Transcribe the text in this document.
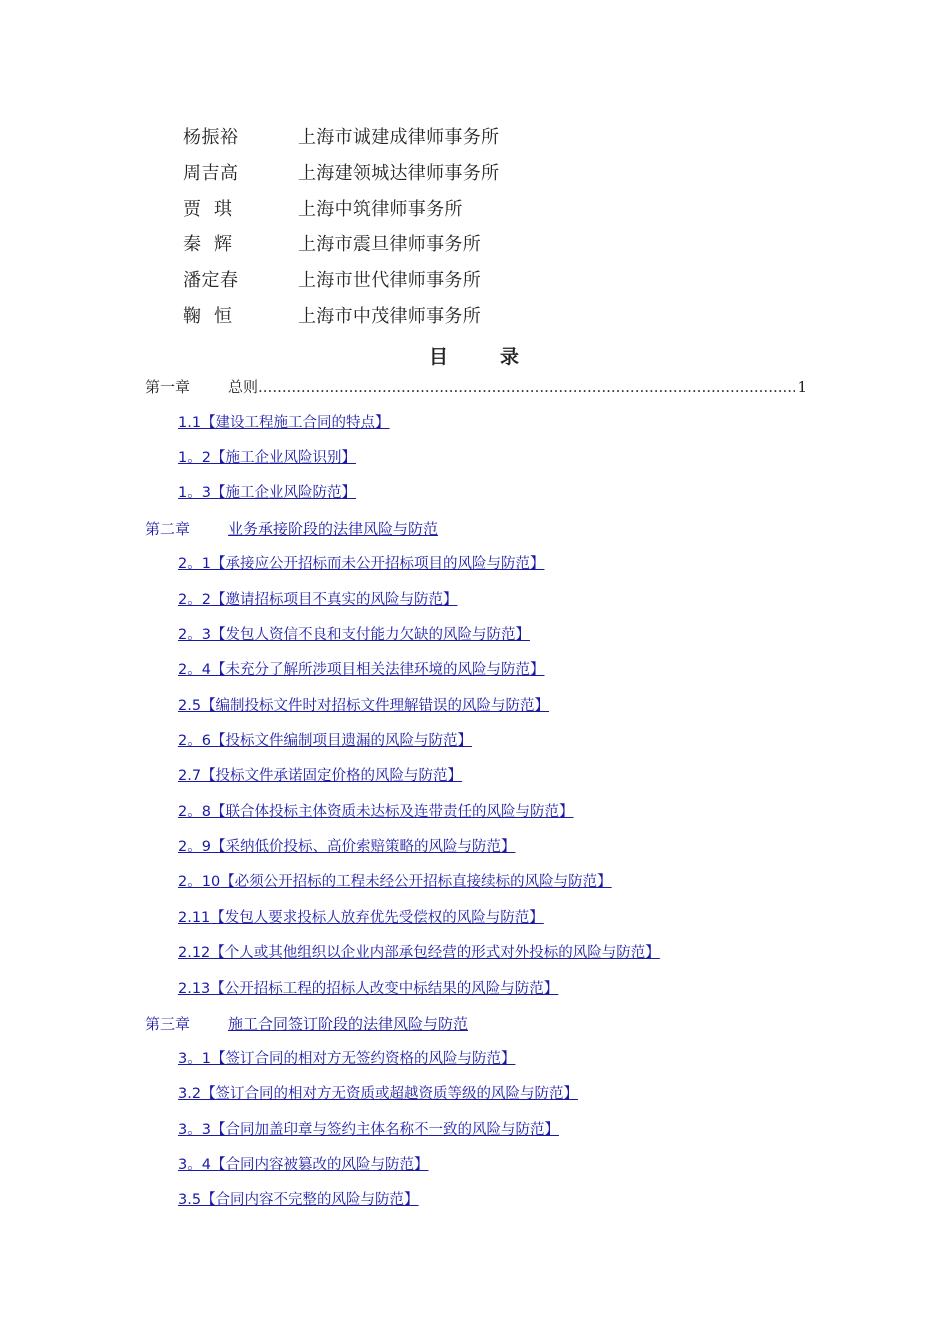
杨振裕	上海市诚建成律师事务所
周吉高	上海建领城达律师事务所
贾  琪	上海中筑律师事务所
秦  辉	上海市震旦律师事务所
潘定春	上海市世代律师事务所
鞠  恒	上海市中茂律师事务所
目	录
第一章	总则
.....	1
1.1【建设工程施工合同的特点】
1。2【施工企业风险识别】
1。3【施工企业风险防范】
第二章	业务承接阶段的法律风险与防范
2。1【承接应公开招标而未公开招标项目的风险与防范】
2。2【邀请招标项目不真实的风险与防范】
2。3【发包人资信不良和支付能力欠缺的风险与防范】
2。4【未充分了解所涉项目相关法律环境的风险与防范】
2.5【编制投标文件时对招标文件理解错误的风险与防范】
2。6【投标文件编制项目遗漏的风险与防范】
2.7【投标文件承诺固定价格的风险与防范】
2。8【联合体投标主体资质未达标及连带责任的风险与防范】
2。9【采纳低价投标、高价索赔策略的风险与防范】
2。10【必须公开招标的工程未经公开招标直接续标的风险与防范】
2.11【发包人要求投标人放弃优先受偿权的风险与防范】
2.12【个人或其他组织以企业内部承包经营的形式对外投标的风险与防范】
2.13【公开招标工程的招标人改变中标结果的风险与防范】
第三章	施工合同签订阶段的法律风险与防范
3。1【签订合同的相对方无签约资格的风险与防范】
3.2【签订合同的相对方无资质或超越资质等级的风险与防范】
3。3【合同加盖印章与签约主体名称不一致的风险与防范】
3。4【合同内容被篡改的风险与防范】
3.5【合同内容不完整的风险与防范】
